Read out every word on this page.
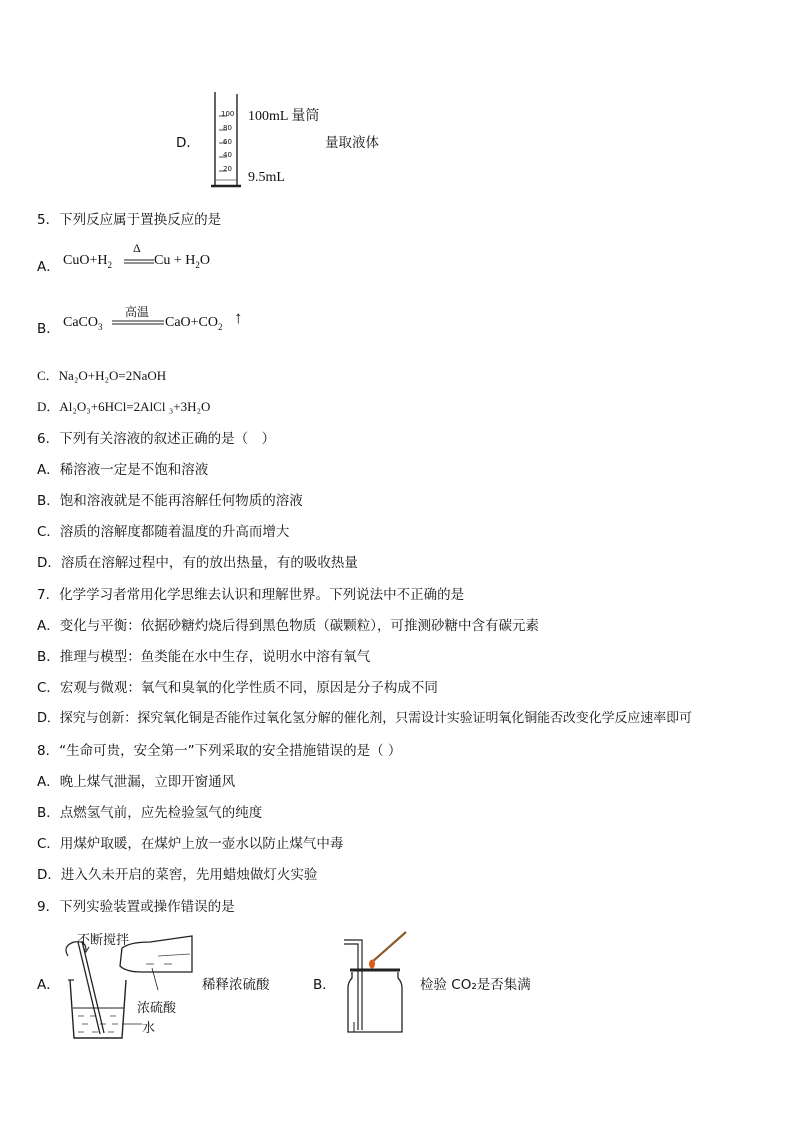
D．
100
80
60
40
20
100mL 量筒
量取液体
9.5mL
5．下列反应属于置换反应的是
A． $CuO+H_2$
Δ
$Cu + H_2O$
B． CaCO$_3$
高温
$CaO+CO_2$ ↑
C．Na₂O+H₂O=2NaOH
D．Al₂O₃+6HCl=2AlCl ₃+3H₂O
6．下列有关溶液的叙述正确的是（　）
A．稀溶液一定是不饱和溶液
B．饱和溶液就是不能再溶解任何物质的溶液
C．溶质的溶解度都随着温度的升高而增大
D．溶质在溶解过程中，有的放出热量，有的吸收热量
7．化学学习者常用化学思维去认识和理解世界。下列说法中不正确的是
A．变化与平衡：依据砂糖灼烧后得到黑色物质（碳颗粒），可推测砂糖中含有碳元素
B．推理与模型：鱼类能在水中生存，说明水中溶有氧气
C．宏观与微观：氧气和臭氧的化学性质不同，原因是分子构成不同
D．探究与创新：探究氧化铜是否能作过氧化氢分解的催化剂，只需设计实验证明氧化铜能否改变化学反应速率即可
8．“生命可贵，安全第一”下列采取的安全措施错误的是（ ）
A．晚上煤气泄漏，立即开窗通风
B．点燃氢气前，应先检验氢气的纯度
C．用煤炉取暖，在煤炉上放一壶水以防止煤气中毒
D．进入久未开启的菜窖，先用蜡烛做灯火实验
9．下列实验装置或操作错误的是
A．
不断搅拌
浓硫酸
水
稀释浓硫酸	B．	检验 CO₂是否集满
